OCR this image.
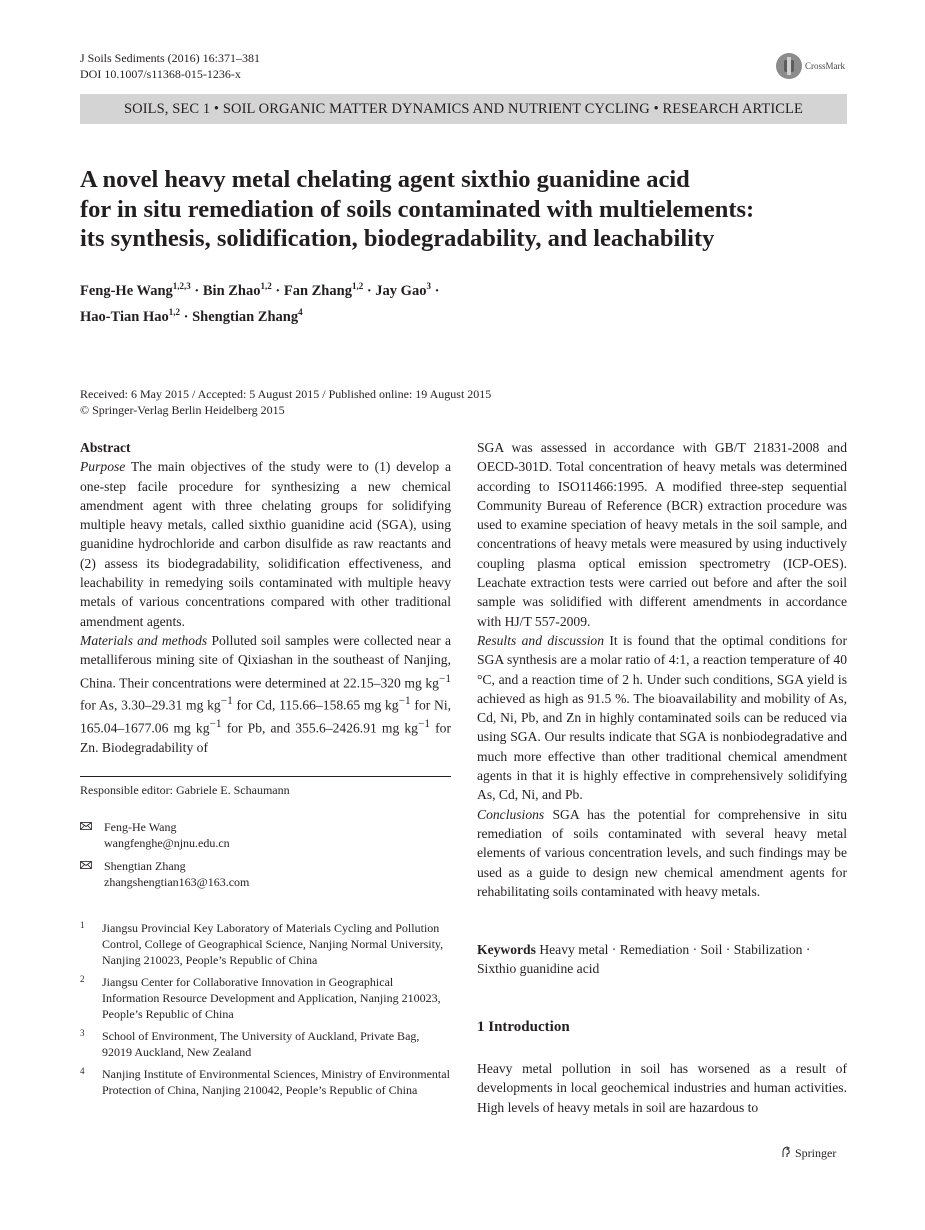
J Soils Sediments (2016) 16:371–381
DOI 10.1007/s11368-015-1236-x
CrossMark
SOILS, SEC 1 • SOIL ORGANIC MATTER DYNAMICS AND NUTRIENT CYCLING • RESEARCH ARTICLE
A novel heavy metal chelating agent sixthio guanidine acid
for in situ remediation of soils contaminated with multielements:
its synthesis, solidification, biodegradability, and leachability
Feng-He Wang$^{1,2,3}$ · Bin Zhao$^{1,2}$ · Fan Zhang$^{1,2}$ · Jay Gao$^3$ ·
Hao-Tian Hao$^{1,2}$ · Shengtian Zhang$^4$
Received: 6 May 2015 / Accepted: 5 August 2015 / Published online: 19 August 2015
© Springer-Verlag Berlin Heidelberg 2015
Abstract
Purpose The main objectives of the study were to (1) develop a one-step facile procedure for synthesizing a new chemical amendment agent with three chelating groups for solidifying multiple heavy metals, called sixthio guanidine acid (SGA), using guanidine hydrochloride and carbon disulfide as raw reactants and (2) assess its biodegradability, solidification effectiveness, and leachability in remedying soils contaminated with multiple heavy metals of various concentrations compared with other traditional amendment agents.
Materials and methods Polluted soil samples were collected near a metalliferous mining site of Qixiashan in the southeast of Nanjing, China. Their concentrations were determined at 22.15–320 mg $kg^{-1}$ for As, 3.30–29.31 mg $kg^{-1}$ for Cd, 115.66–158.65 mg $kg^{-1}$ for Ni, 165.04–1677.06 mg $kg^{-1}$ for Pb, and 355.6–2426.91 mg $kg^{-1}$ for Zn. Biodegradability of
Responsible editor: Gabriele E. Schaumann
Feng-He Wang
wangfenghe@njnu.edu.cn
Shengtian Zhang
zhangshengtian163@163.com
1 Jiangsu Provincial Key Laboratory of Materials Cycling and Pollution Control, College of Geographical Science, Nanjing Normal University, Nanjing 210023, People’s Republic of China
2 Jiangsu Center for Collaborative Innovation in Geographical Information Resource Development and Application, Nanjing 210023, People’s Republic of China
3 School of Environment, The University of Auckland, Private Bag, 92019 Auckland, New Zealand
4 Nanjing Institute of Environmental Sciences, Ministry of Environmental Protection of China, Nanjing 210042, People’s Republic of China
SGA was assessed in accordance with GB/T 21831-2008 and OECD-301D. Total concentration of heavy metals was determined according to ISO11466:1995. A modified three-step sequential Community Bureau of Reference (BCR) extraction procedure was used to examine speciation of heavy metals in the soil sample, and concentrations of heavy metals were measured by using inductively coupling plasma optical emission spectrometry (ICP-OES). Leachate extraction tests were carried out before and after the soil sample was solidified with different amendments in accordance with HJ/T 557-2009.
Results and discussion It is found that the optimal conditions for SGA synthesis are a molar ratio of 4:1, a reaction temperature of 40 °C, and a reaction time of 2 h. Under such conditions, SGA yield is achieved as high as 91.5 %. The bioavailability and mobility of As, Cd, Ni, Pb, and Zn in highly contaminated soils can be reduced via using SGA. Our results indicate that SGA is nonbiodegradative and much more effective than other traditional chemical amendment agents in that it is highly effective in comprehensively solidifying As, Cd, Ni, and Pb.
Conclusions SGA has the potential for comprehensive in situ remediation of soils contaminated with several heavy metal elements of various concentration levels, and such findings may be used as a guide to design new chemical amendment agents for rehabilitating soils contaminated with heavy metals.
Keywords Heavy metal · Remediation · Soil · Stabilization · Sixthio guanidine acid
1 Introduction
Heavy metal pollution in soil has worsened as a result of developments in local geochemical industries and human activities. High levels of heavy metals in soil are hazardous to
Springer
